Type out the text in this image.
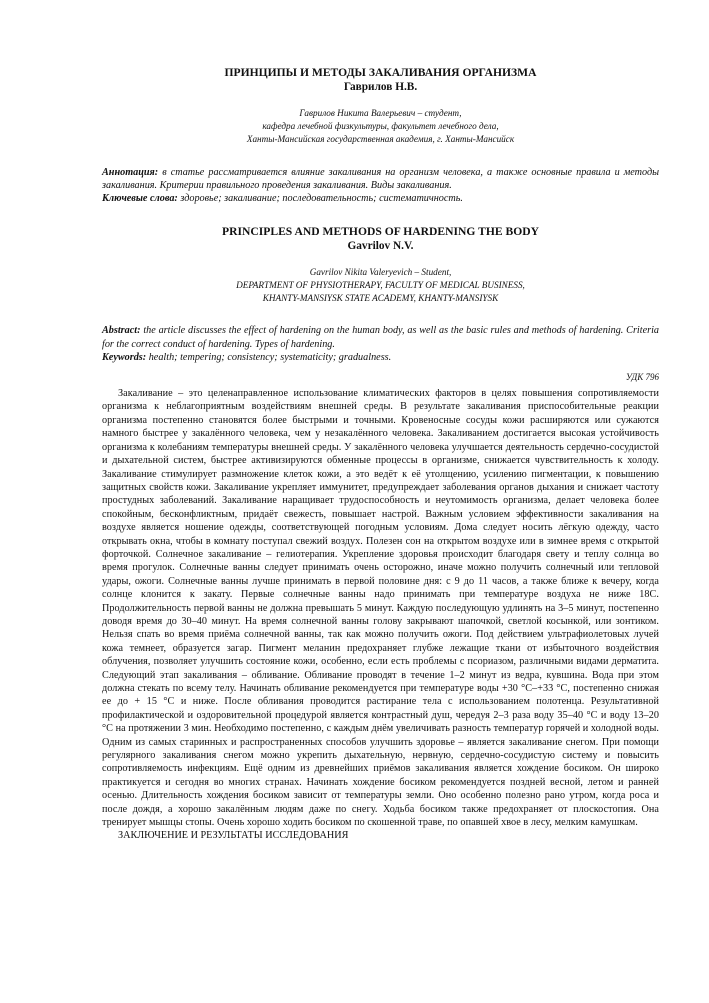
ПРИНЦИПЫ И МЕТОДЫ ЗАКАЛИВАНИЯ ОРГАНИЗМА

Гаврилов Н.В.

Гаврилов Никита Валерьевич – студент,

кафедра лечебной физкультуры, факультет лечебного дела,

Ханты-Мансийская государственная академия, г. Ханты-Мансийск

Аннотация: в статье рассматривается влияние закаливания на организм человека, а также основные правила и методы закаливания. Критерии правильного проведения закаливания. Виды закаливания.

Ключевые слова: здоровье; закаливание; последовательность; систематичность.

PRINCIPLES AND METHODS OF HARDENING THE BODY

Gavrilov N.V.

Gavrilov Nikita Valeryevich – Student,

DEPARTMENT OF PHYSIOTHERAPY, FACULTY OF MEDICAL BUSINESS,

KHANTY-MANSIYSK STATE ACADEMY, KHANTY-MANSIYSK

Abstract: the article discusses the effect of hardening on the human body, as well as the basic rules and methods of hardening. Criteria for the correct conduct of hardening. Types of hardening.

Keywords: health; tempering; consistency; systematicity; gradualness.

УДК 796

Закаливание – это целенаправленное использование климатических факторов в целях повышения сопротивляемости организма к неблагоприятным воздействиям внешней среды. В результате закаливания приспособительные реакции организма постепенно становятся более быстрыми и точными. Кровеносные сосуды кожи расширяются или сужаются намного быстрее у закалённого человека, чем у незакалённого человека. Закаливанием достигается высокая устойчивость организма к колебаниям температуры внешней среды. У закалённого человека улучшается деятельность сердечно-сосудистой и дыхательной систем, быстрее активизируются обменные процессы в организме, снижается чувствительность к холоду. Закаливание стимулирует размножение клеток кожи, а это ведёт к её утолщению, усилению пигментации, к повышению защитных свойств кожи. Закаливание укрепляет иммунитет, предупреждает заболевания органов дыхания и снижает частоту простудных заболеваний. Закаливание наращивает трудоспособность и неутомимость организма, делает человека более спокойным, бесконфликтным, придаёт свежесть, повышает настрой. Важным условием эффективности закаливания на воздухе является ношение одежды, соответствующей погодным условиям. Дома следует носить лёгкую одежду, часто открывать окна, чтобы в комнату поступал свежий воздух. Полезен сон на открытом воздухе или в зимнее время с открытой форточкой. Солнечное закаливание – гелиотерапия. Укрепление здоровья происходит благодаря свету и теплу солнца во время прогулок. Солнечные ванны следует принимать очень осторожно, иначе можно получить солнечный или тепловой удары, ожоги. Солнечные ванны лучше принимать в первой половине дня: с 9 до 11 часов, а также ближе к вечеру, когда солнце клонится к закату. Первые солнечные ванны надо принимать при температуре воздуха не ниже 18С. Продолжительность первой ванны не должна превышать 5 минут. Каждую последующую удлинять на 3–5 минут, постепенно доводя время до 30–40 минут. На время солнечной ванны голову закрывают шапочкой, светлой косынкой, или зонтиком. Нельзя спать во время приёма солнечной ванны, так как можно получить ожоги. Под действием ультрафиолетовых лучей кожа темнеет, образуется загар. Пигмент меланин предохраняет глубже лежащие ткани от избыточного воздействия облучения, позволяет улучшить состояние кожи, особенно, если есть проблемы с псориазом, различными видами дерматита. Следующий этап закаливания – обливание. Обливание проводят в течение 1–2 минут из ведра, кувшина. Вода при этом должна стекать по всему телу. Начинать обливание рекомендуется при температуре воды +30 °С–+33 °С, постепенно снижая ее до + 15 °С и ниже. После обливания проводится растирание тела с использованием полотенца. Результативной профилактической и оздоровительной процедурой является контрастный душ, чередуя 2–3 раза воду 35–40 °С и воду 13–20 °С на протяжении 3 мин. Необходимо постепенно, с каждым днём увеличивать разность температур горячей и холодной воды. Одним из самых старинных и распространенных способов улучшить здоровье – является закаливание снегом. При помощи регулярного закаливания снегом можно укрепить дыхательную, нервную, сердечно-сосудистую систему и повысить сопротивляемость инфекциям. Ещё одним из древнейших приёмов закаливания является хождение босиком. Он широко практикуется и сегодня во многих странах. Начинать хождение босиком рекомендуется поздней весной, летом и ранней осенью. Длительность хождения босиком зависит от температуры земли. Оно особенно полезно рано утром, когда роса и после дождя, а хорошо закалённым людям даже по снегу. Ходьба босиком также предохраняет от плоскостопия. Она тренирует мышцы стопы. Очень хорошо ходить босиком по скошенной траве, по опавшей хвое в лесу, мелким камушкам.

ЗАКЛЮЧЕНИЕ И РЕЗУЛЬТАТЫ ИССЛЕДОВАНИЯ
